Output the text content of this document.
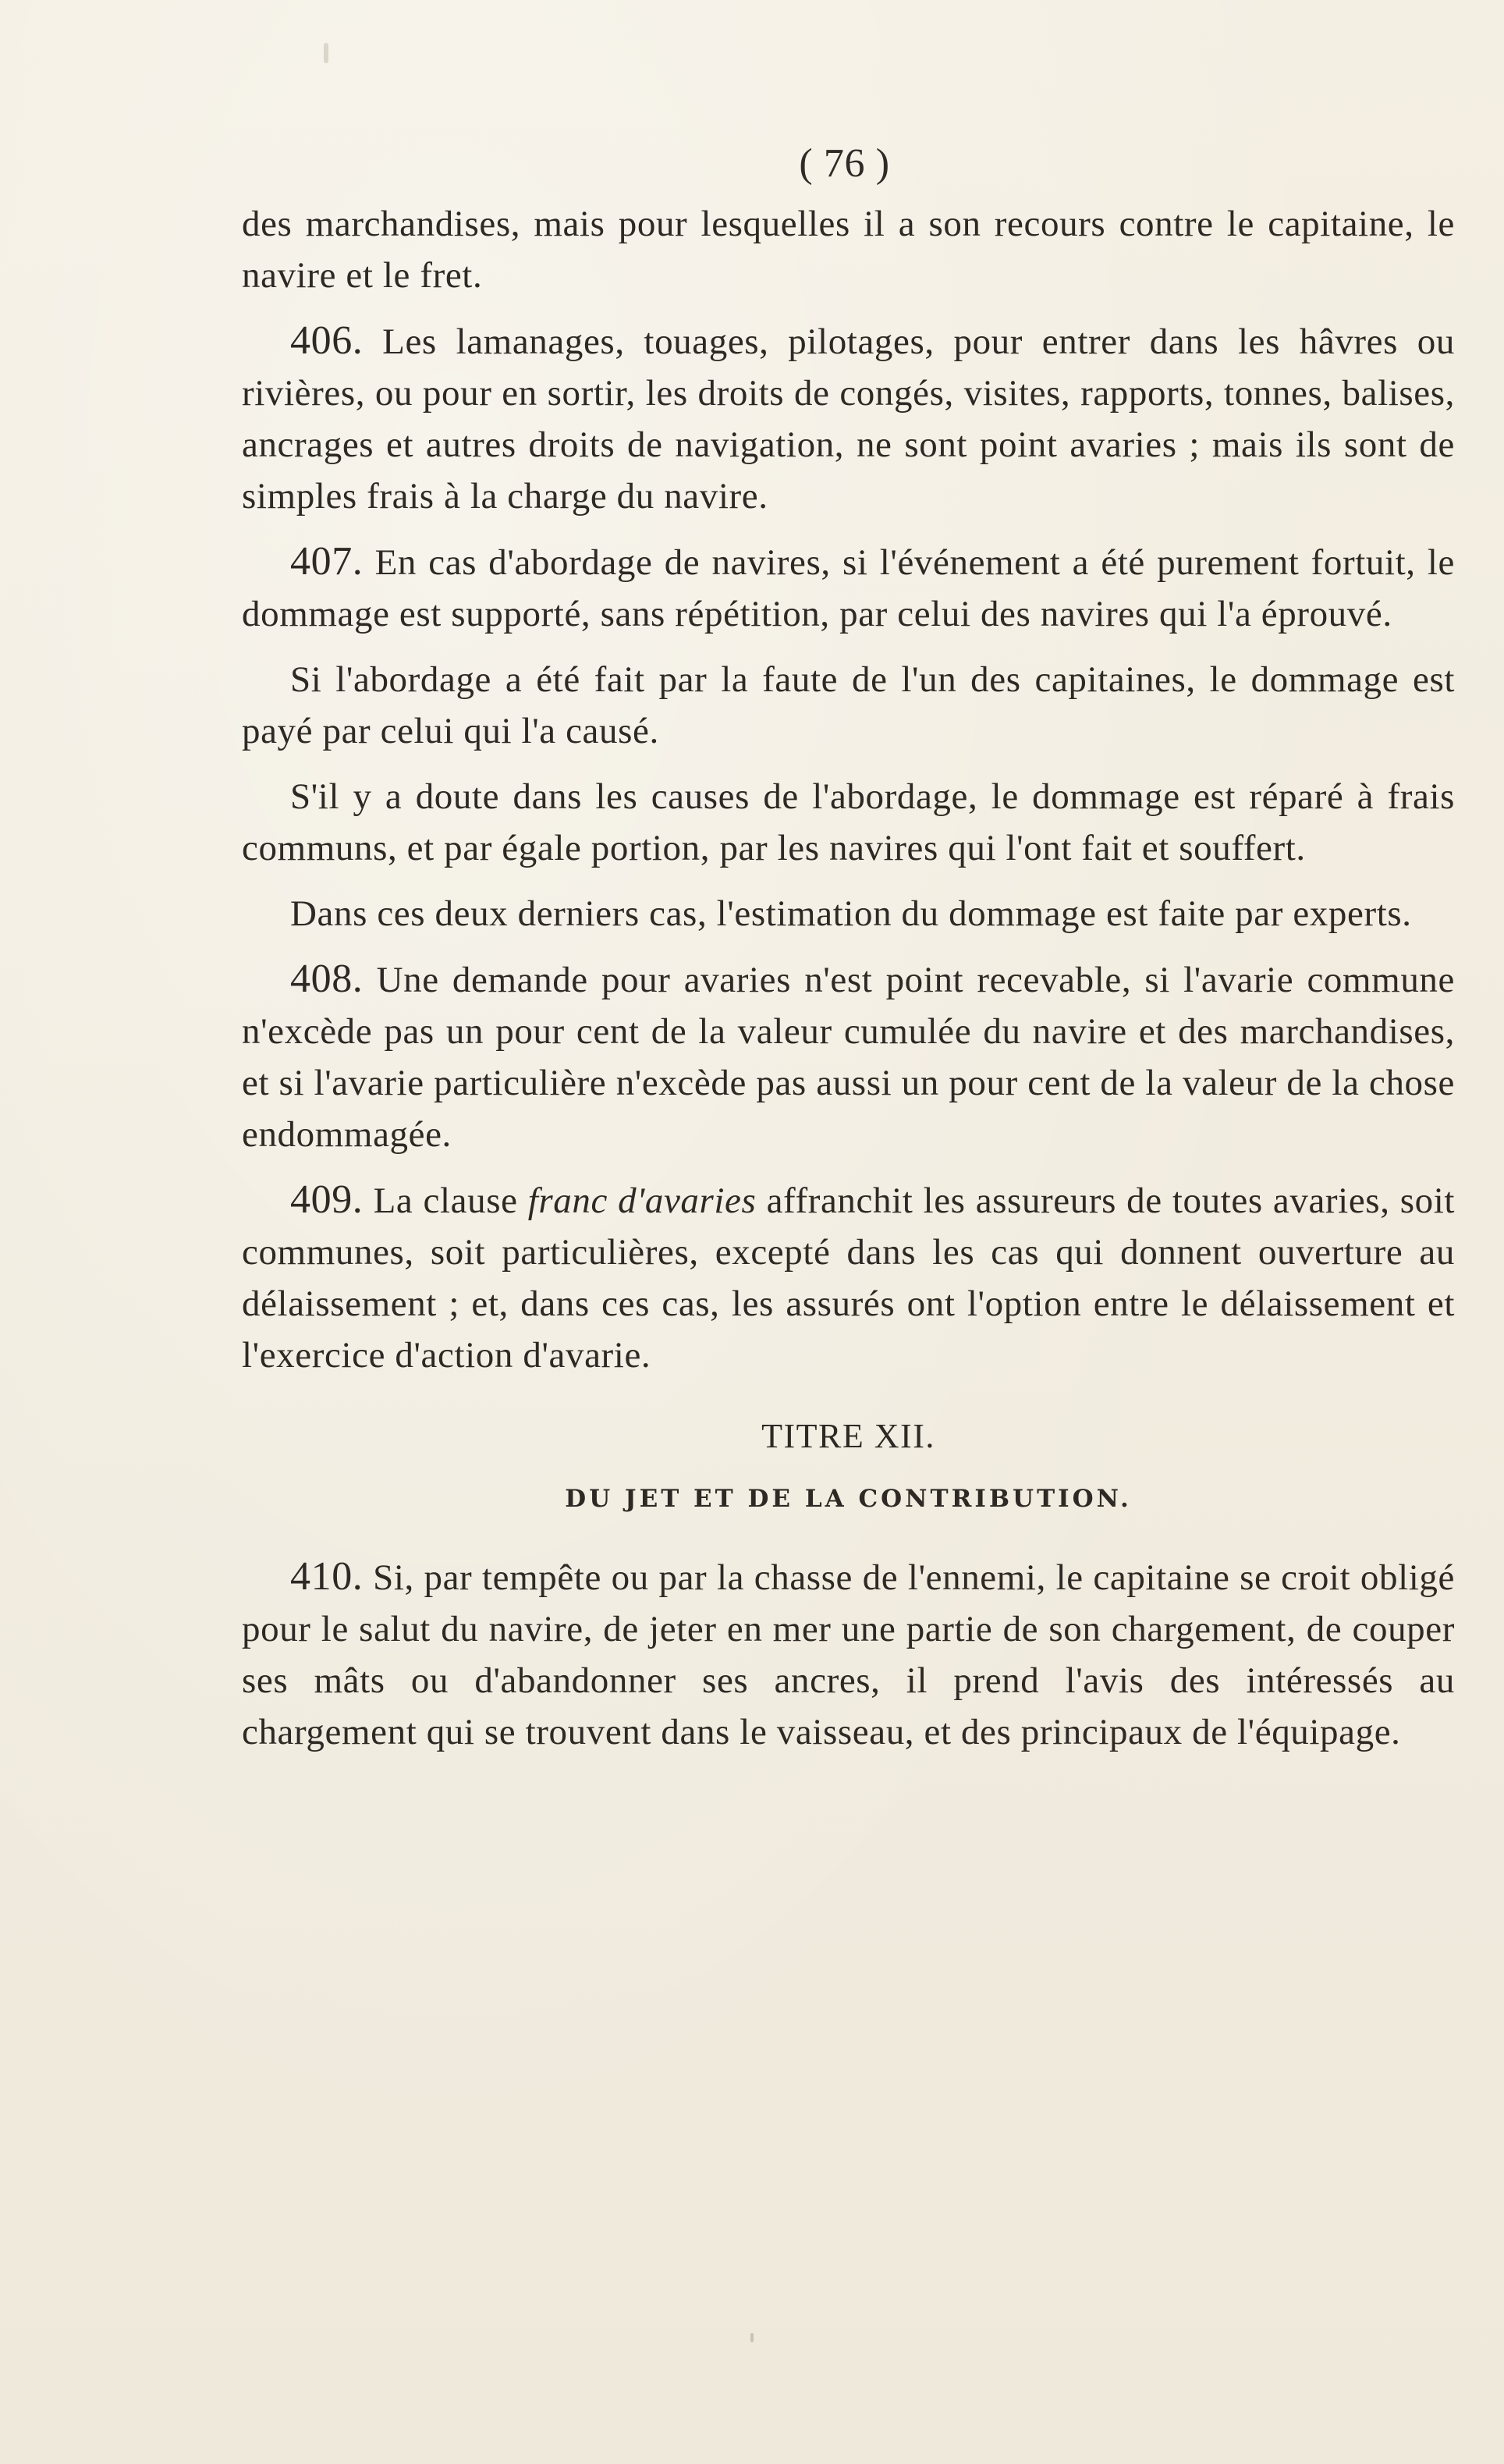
( 76 )

des marchandises, mais pour lesquelles il a son recours contre le capitaine, le navire et le fret.

406. Les lamanages, touages, pilotages, pour entrer dans les hâvres ou rivières, ou pour en sortir, les droits de congés, visites, rapports, tonnes, balises, ancrages et autres droits de navigation, ne sont point avaries ; mais ils sont de simples frais à la charge du navire.

407. En cas d'abordage de navires, si l'événement a été purement fortuit, le dommage est supporté, sans répétition, par celui des navires qui l'a éprouvé.

Si l'abordage a été fait par la faute de l'un des capitaines, le dommage est payé par celui qui l'a causé.

S'il y a doute dans les causes de l'abordage, le dommage est réparé à frais communs, et par égale portion, par les navires qui l'ont fait et souffert.

Dans ces deux derniers cas, l'estimation du dommage est faite par experts.

408. Une demande pour avaries n'est point recevable, si l'avarie commune n'excède pas un pour cent de la valeur cumulée du navire et des marchandises, et si l'avarie particulière n'excède pas aussi un pour cent de la valeur de la chose endommagée.

409. La clause franc d'avaries affranchit les assureurs de toutes avaries, soit communes, soit particulières, excepté dans les cas qui donnent ouverture au délaissement ; et, dans ces cas, les assurés ont l'option entre le délaissement et l'exercice d'action d'avarie.

TITRE XII.
DU JET ET DE LA CONTRIBUTION.

410. Si, par tempête ou par la chasse de l'ennemi, le capitaine se croit obligé pour le salut du navire, de jeter en mer une partie de son chargement, de couper ses mâts ou d'abandonner ses ancres, il prend l'avis des intéressés au chargement qui se trouvent dans le vaisseau, et des principaux de l'équipage.
